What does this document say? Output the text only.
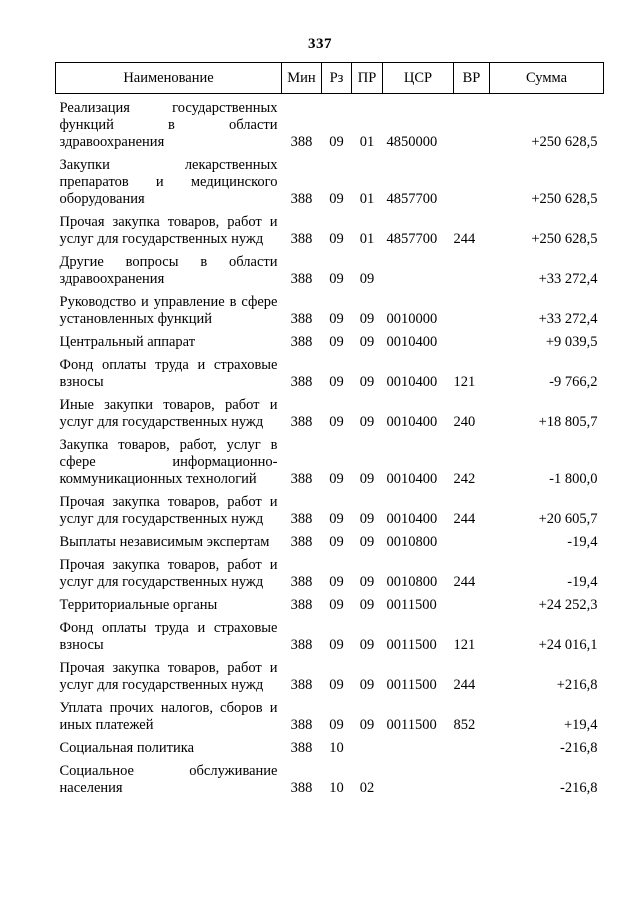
337
Наименование	Мин	Рз	ПР	ЦСР	ВР	Сумма
Реализация государственных функций в области здравоохранения	388	09	01	4850000		+250 628,5
Закупки лекарственных препаратов и медицинского оборудования	388	09	01	4857700		+250 628,5
Прочая закупка товаров, работ и услуг для государственных нужд	388	09	01	4857700	244	+250 628,5
Другие вопросы в области здравоохранения	388	09	09			+33 272,4
Руководство и управление в сфере установленных функций	388	09	09	0010000		+33 272,4
Центральный аппарат	388	09	09	0010400		+9 039,5
Фонд оплаты труда и страховые взносы	388	09	09	0010400	121	-9 766,2
Иные закупки товаров, работ и услуг для государственных нужд	388	09	09	0010400	240	+18 805,7
Закупка товаров, работ, услуг в сфере информационно-коммуникационных технологий	388	09	09	0010400	242	-1 800,0
Прочая закупка товаров, работ и услуг для государственных нужд	388	09	09	0010400	244	+20 605,7
Выплаты независимым экспертам	388	09	09	0010800		-19,4
Прочая закупка товаров, работ и услуг для государственных нужд	388	09	09	0010800	244	-19,4
Территориальные органы	388	09	09	0011500		+24 252,3
Фонд оплаты труда и страховые взносы	388	09	09	0011500	121	+24 016,1
Прочая закупка товаров, работ и услуг для государственных нужд	388	09	09	0011500	244	+216,8
Уплата прочих налогов, сборов и иных платежей	388	09	09	0011500	852	+19,4
Социальная политика	388	10				-216,8
Социальное обслуживание населения	388	10	02			-216,8
